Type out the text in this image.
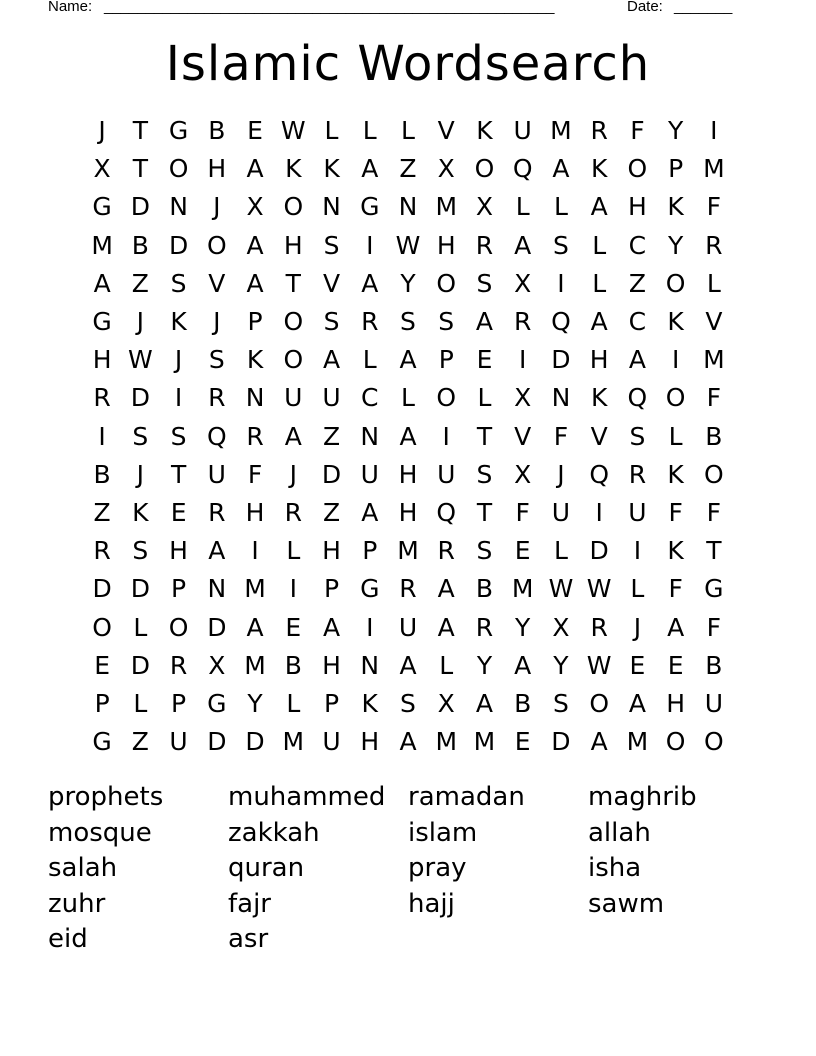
Name: ______________________________________________________	Date: _______
Islamic Wordsearch
J	T G B E W L L L V K U M R F Y	I
X T O H A K K A Z X O Q A K O P M
G D N	J	X O N G N M X L L A H K F
M B D O A H S	I W H R A S L C Y R
A Z S V A T V A Y O S X	I	L Z O L
G J	K	J	P O S R S S A R Q A C K V
H W J	S K O A L A P E	I D H A	I M
R D I	R N U U C L O L X N K Q O F
I	S S Q R A Z N A	I	T V F V S L B
B	J	T U F	J D U H U S X	J Q R K O
Z K E R H R Z A H Q T F U	I	U F F
R S H A	I	L H P M R S E L D I	K T
D D P N M I	P G R A B M W W L F G
O L O D A E A	I	U A R Y X R	J	A F
E D R X M B H N A L Y A Y W E E B
P L P G Y L P K S X A B S O A H U
G Z U D D M U H A M M E D A M O O
prophets	muhammed ramadan	maghrib
mosque	zakkah	islam	allah
salah	quran	pray	isha
zuhr	fajr	hajj	sawm
eid	asr
